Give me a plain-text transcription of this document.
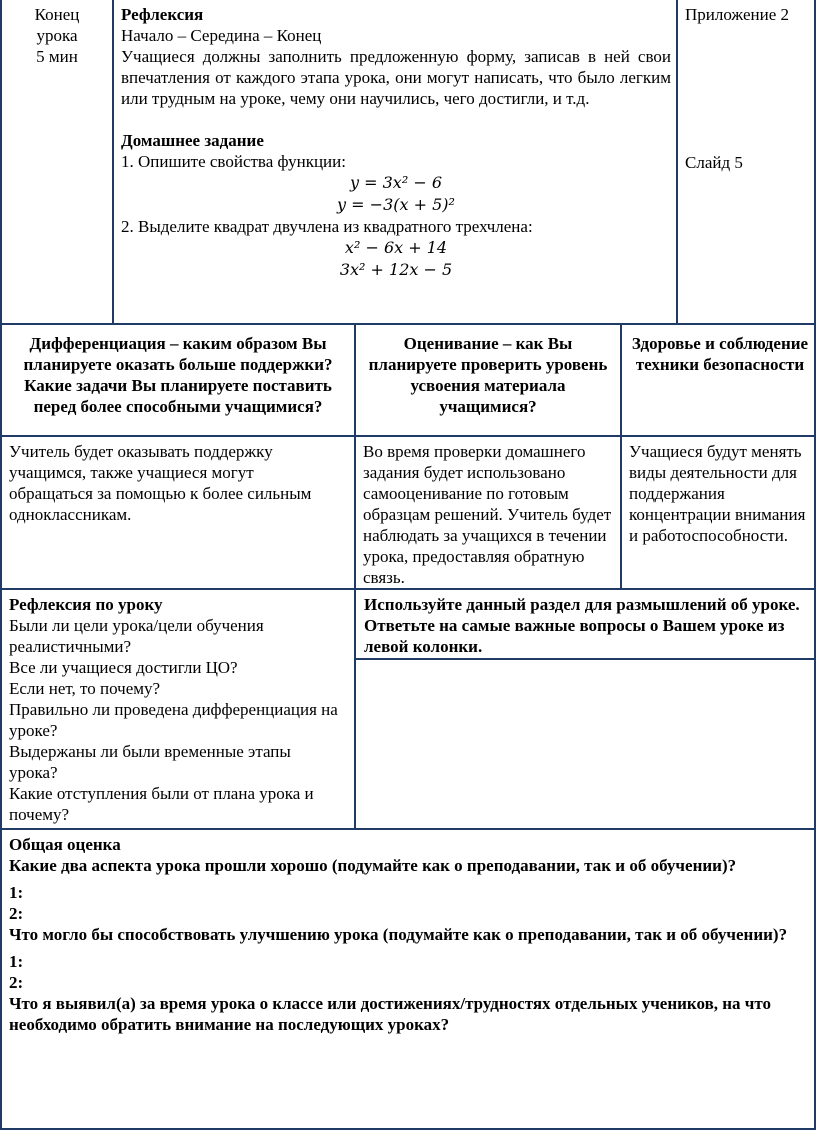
Конец
урока
5 мин

Рефлексия

Начало – Середина – Конец

Учащиеся должны заполнить предложенную форму, записав в ней свои впечатления от каждого этапа урока, они могут написать, что было легким или трудным на уроке, чему они научились, чего достигли, и т.д.

Домашнее задание

1. Опишите свойства функции:

y = 3x² − 6

y = −3(x + 5)²

2. Выделите квадрат двучлена из квадратного трехчлена:

x² − 6x + 14

3x² + 12x − 5

Приложение 2

Слайд 5

Дифференциация – каким образом Вы планируете оказать больше поддержки? Какие задачи Вы планируете поставить перед более способными учащимися?
Оценивание – как Вы планируете проверить уровень усвоения материала учащимися?
Здоровье и соблюдение техники безопасности
Учитель будет оказывать поддержку учащимся, также учащиеся могут обращаться за помощью к более сильным одноклассникам.
Во время проверки домашнего задания будет использовано самооценивание по готовым образцам решений. Учитель будет наблюдать за учащихся в течении урока, предоставляя обратную связь.
Учащиеся будут менять виды деятельности для поддержания концентрации внимания и работоспособности.

Рефлексия по уроку

Были ли цели урока/цели обучения реалистичными?

Все ли учащиеся достигли ЦО?

Если нет, то почему?

Правильно ли проведена дифференциация на уроке?

Выдержаны ли были временные этапы урока?

Какие отступления были от плана урока и почему?

Используйте данный раздел для размышлений об уроке. Ответьте на самые важные вопросы о Вашем уроке из левой колонки.

Общая оценка

Какие два аспекта урока прошли хорошо (подумайте как о преподавании, так и об обучении)?

1:

2:

Что могло бы способствовать улучшению урока (подумайте как о преподавании, так и об обучении)?

1:

2:

Что я выявил(а) за время урока о классе или достижениях/трудностях отдельных учеников, на что необходимо обратить внимание на последующих уроках?
